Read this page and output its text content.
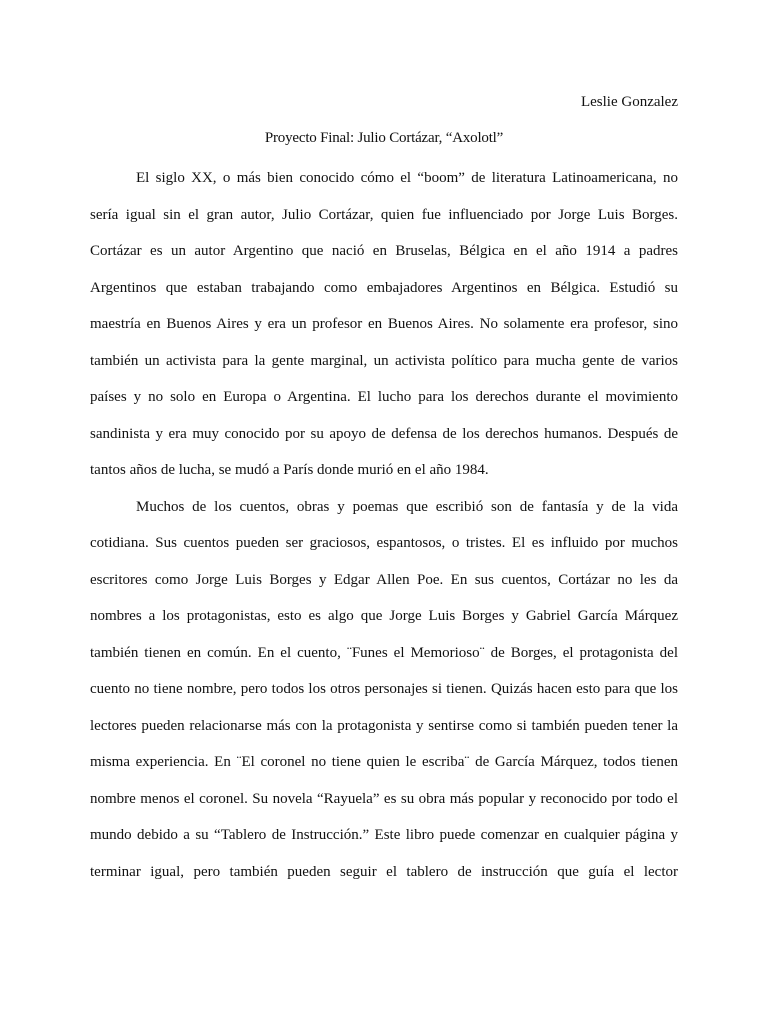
Leslie Gonzalez
Proyecto Final: Julio Cortázar, “Axolotl”
El siglo XX, o más bien conocido cómo el “boom” de literatura Latinoamericana, no
sería igual sin el gran autor, Julio Cortázar, quien fue influenciado por Jorge Luis Borges.
Cortázar es un autor Argentino que nació en Bruselas, Bélgica en el año 1914 a padres
Argentinos que estaban trabajando como embajadores Argentinos en Bélgica. Estudió su
maestría en Buenos Aires y era un profesor en Buenos Aires. No solamente era profesor, sino
también un activista para la gente marginal, un activista político para mucha gente de varios
países y no solo en Europa o Argentina. El lucho para los derechos durante el movimiento
sandinista y era muy conocido por su apoyo de defensa de los derechos humanos. Después de
tantos años de lucha, se mudó a París donde murió en el año 1984.
Muchos de los cuentos, obras y poemas que escribió son de fantasía y de la vida
cotidiana. Sus cuentos pueden ser graciosos, espantosos, o tristes. El es influido por muchos
escritores como Jorge Luis Borges y Edgar Allen Poe. En sus cuentos, Cortázar no les da
nombres a los protagonistas, esto es algo que Jorge Luis Borges y Gabriel García Márquez
también tienen en común. En el cuento, ¨Funes el Memorioso¨ de Borges, el protagonista del
cuento no tiene nombre, pero todos los otros personajes si tienen. Quizás hacen esto para que los
lectores pueden relacionarse más con la protagonista y sentirse como si también pueden tener la
misma experiencia. En ¨El coronel no tiene quien le escriba¨ de García Márquez, todos tienen
nombre menos el coronel. Su novela “Rayuela” es su obra más popular y reconocido por todo el
mundo debido a su “Tablero de Instrucción.” Este libro puede comenzar en cualquier página y
terminar igual, pero también pueden seguir el tablero de instrucción que guía el lector
